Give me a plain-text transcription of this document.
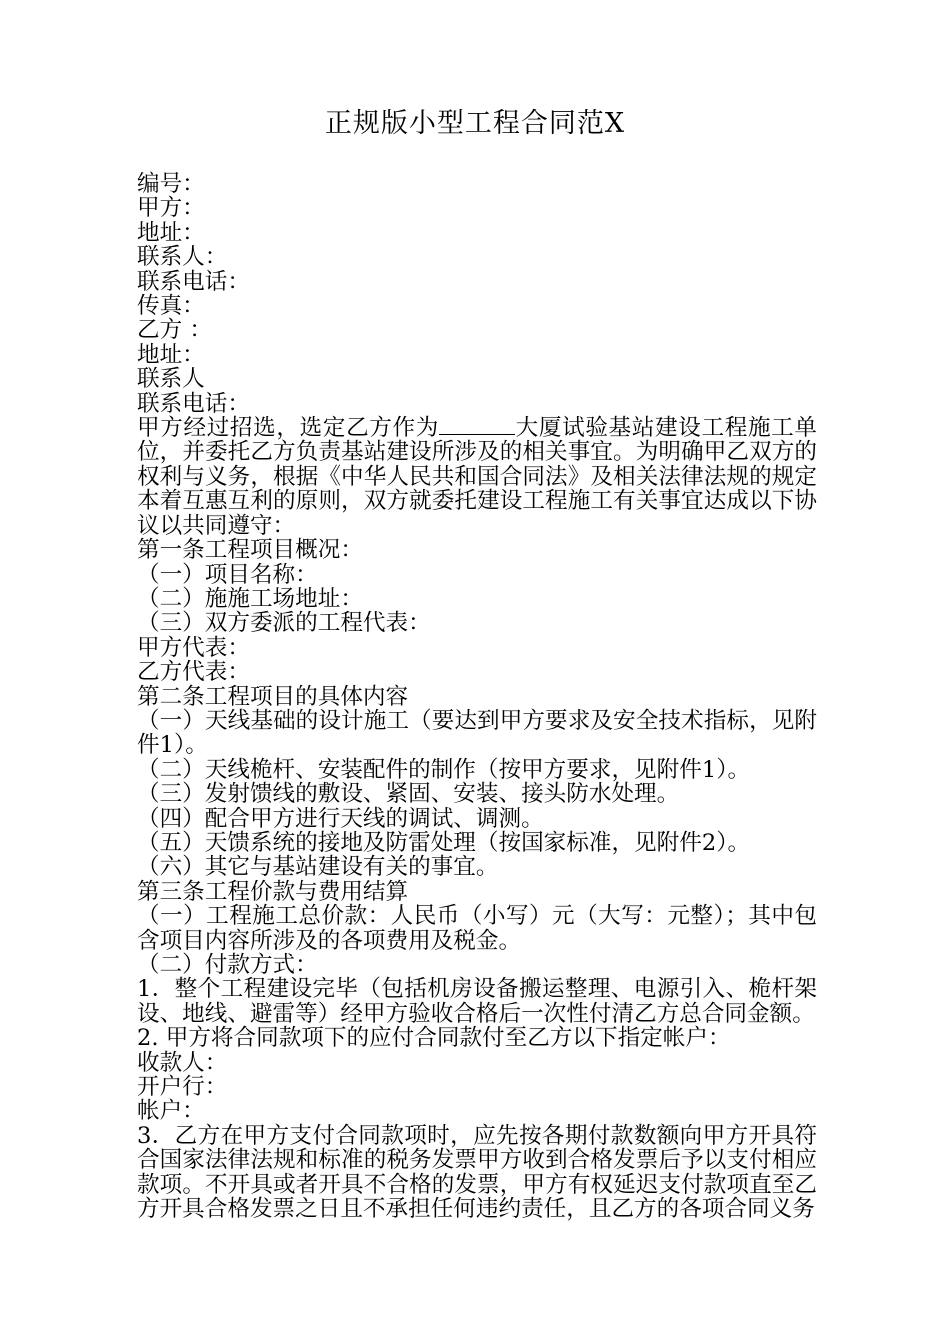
正规版小型工程合同范X

编号：

甲方：

地址：

联系人：

联系电话：

传真：

乙方 ：

地址：

联系人

联系电话：

甲方经过招选，选定乙方作为	大厦试验基站建设工程施工单位，并委托乙方负责基站建设所涉及的相关事宜。为明确甲乙双方的权利与义务，根据《中华人民共和国合同法》及相关法律法规的规定本着互惠互利的原则，双方就委托建设工程施工有关事宜达成以下协议以共同遵守：

第一条工程项目概况：

（一）项目名称：

（二）施施工场地址：

（三）双方委派的工程代表：

甲方代表：

乙方代表：

第二条工程项目的具体内容

（一）天线基础的设计施工（要达到甲方要求及安全技术指标，见附件1）。

（二）天线桅杆、安装配件的制作（按甲方要求，见附件1）。

（三）发射馈线的敷设、紧固、安装、接头防水处理。

（四）配合甲方进行天线的调试、调测。

（五）天馈系统的接地及防雷处理（按国家标准，见附件2）。

（六）其它与基站建设有关的事宜。

第三条工程价款与费用结算

（一）工程施工总价款：人民币（小写）元（大写：元整）；其中包含项目内容所涉及的各项费用及税金。

（二）付款方式：

1．整个工程建设完毕（包括机房设备搬运整理、电源引入、桅杆架设、地线、避雷等）经甲方验收合格后一次性付清乙方总合同金额。

2. 甲方将合同款项下的应付合同款付至乙方以下指定帐户：

收款人：

开户行：

帐户：

3．乙方在甲方支付合同款项时，应先按各期付款数额向甲方开具符合国家法律法规和标准的税务发票甲方收到合格发票后予以支付相应款项。不开具或者开具不合格的发票，甲方有权延迟支付款项直至乙方开具合格发票之日且不承担任何违约责任，且乙方的各项合同义务
